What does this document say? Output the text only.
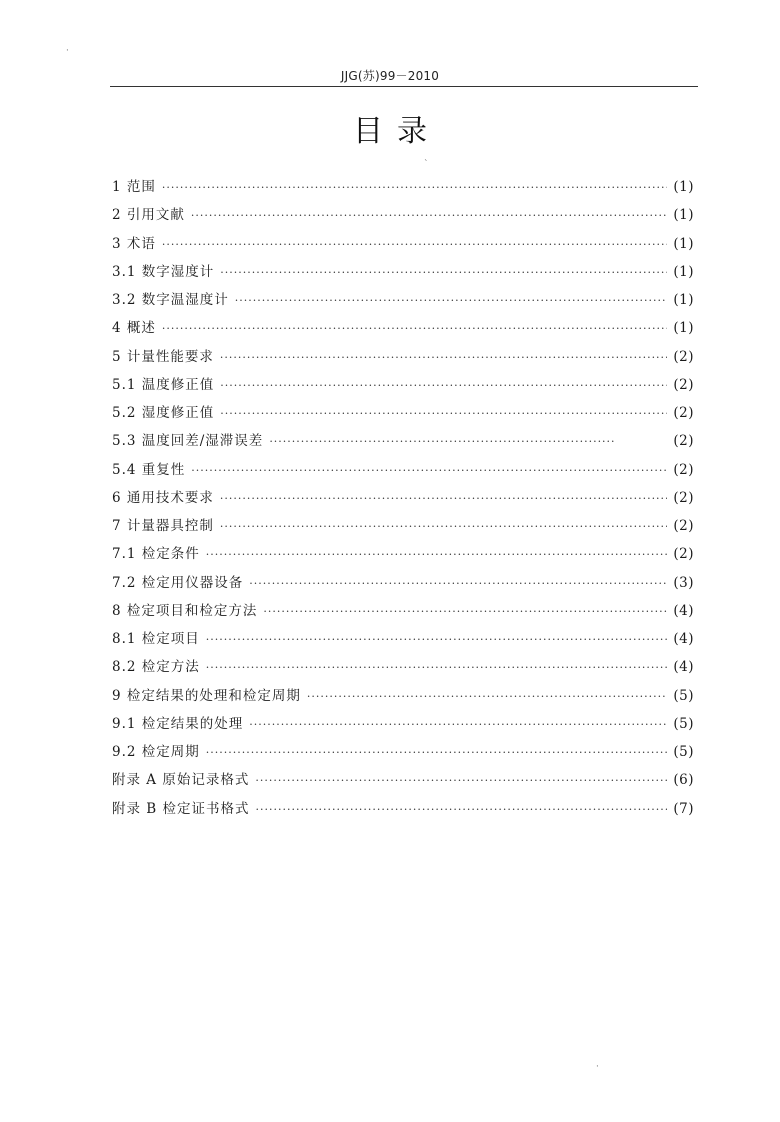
JJG(苏)99－2010
目录
`
1 范围 ·····	(1)
2 引用文献 ·····	(1)
3 术语 ·····	(1)
3.1 数字湿度计 ·····	(1)
3.2 数字温湿度计 ·····	(1)
4 概述 ·····	(1)
5 计量性能要求 ·····	(2)
5.1 温度修正值 ·····	(2)
5.2 湿度修正值 ·····	(2)
5.3 温度回差/湿滞误差 ·····	(2)
5.4 重复性 ·····	(2)
6 通用技术要求 ·····	(2)
7 计量器具控制 ·····	(2)
7.1 检定条件 ·····	(2)
7.2 检定用仪器设备 ·····	(3)
8 检定项目和检定方法 ·····	(4)
8.1 检定项目 ·····	(4)
8.2 检定方法 ·····	(4)
9 检定结果的处理和检定周期 ·····	(5)
9.1 检定结果的处理 ·····	(5)
9.2 检定周期 ·····	(5)
附录 A 原始记录格式 ·····	(6)
附录 B 检定证书格式 ·····	(7)
·
·
